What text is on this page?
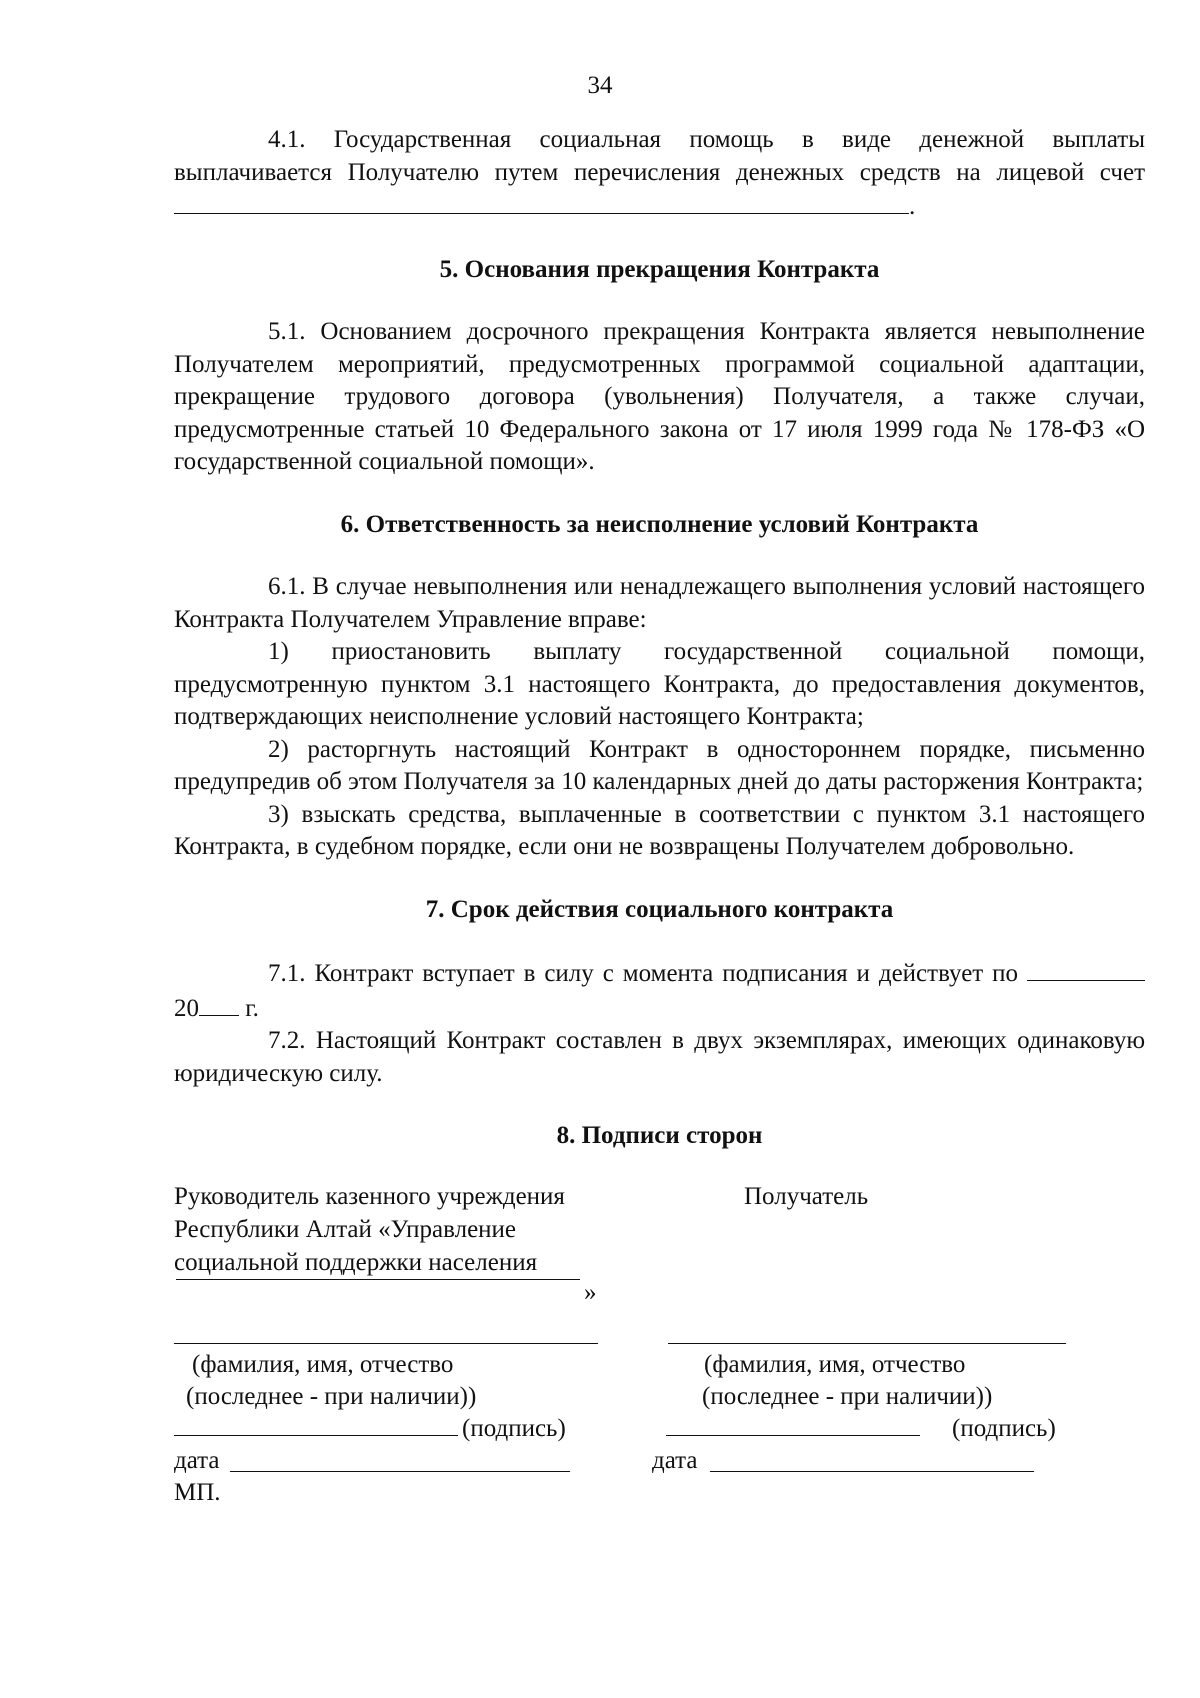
34

4.1. Государственная социальная помощь в виде денежной выплаты выплачивается Получателю путем перечисления денежных средств на лицевой счет .

5. Основания прекращения Контракта

5.1. Основанием досрочного прекращения Контракта является невыполнение Получателем мероприятий, предусмотренных программой социальной адаптации, прекращение трудового договора (увольнения) Получателя, а также случаи, предусмотренные статьей 10 Федерального закона от 17 июля 1999 года № 178-ФЗ «О государственной социальной помощи».

6. Ответственность за неисполнение условий Контракта

6.1. В случае невыполнения или ненадлежащего выполнения условий настоящего Контракта Получателем Управление вправе:

1) приостановить выплату государственной социальной помощи, предусмотренную пунктом 3.1 настоящего Контракта, до предоставления документов, подтверждающих неисполнение условий настоящего Контракта;

2) расторгнуть настоящий Контракт в одностороннем порядке, письменно предупредив об этом Получателя за 10 календарных дней до даты расторжения Контракта;

3) взыскать средства, выплаченные в соответствии с пунктом 3.1 настоящего Контракта, в судебном порядке, если они не возвращены Получателем добровольно.

7. Срок действия социального контракта

7.1. Контракт вступает в силу с момента подписания и действует по  20 г.

7.2. Настоящий Контракт составлен в двух экземплярах, имеющих одинаковую юридическую силу.

8. Подписи сторон
Руководитель казенного учреждения
Республики Алтай «Управление
социальной поддержки населения
»
(фамилия, имя, отчество
(последнее - при наличии))
(подпись)
дата
МП.
Получатель
(фамилия, имя, отчество
(последнее - при наличии))
(подпись)
дата
